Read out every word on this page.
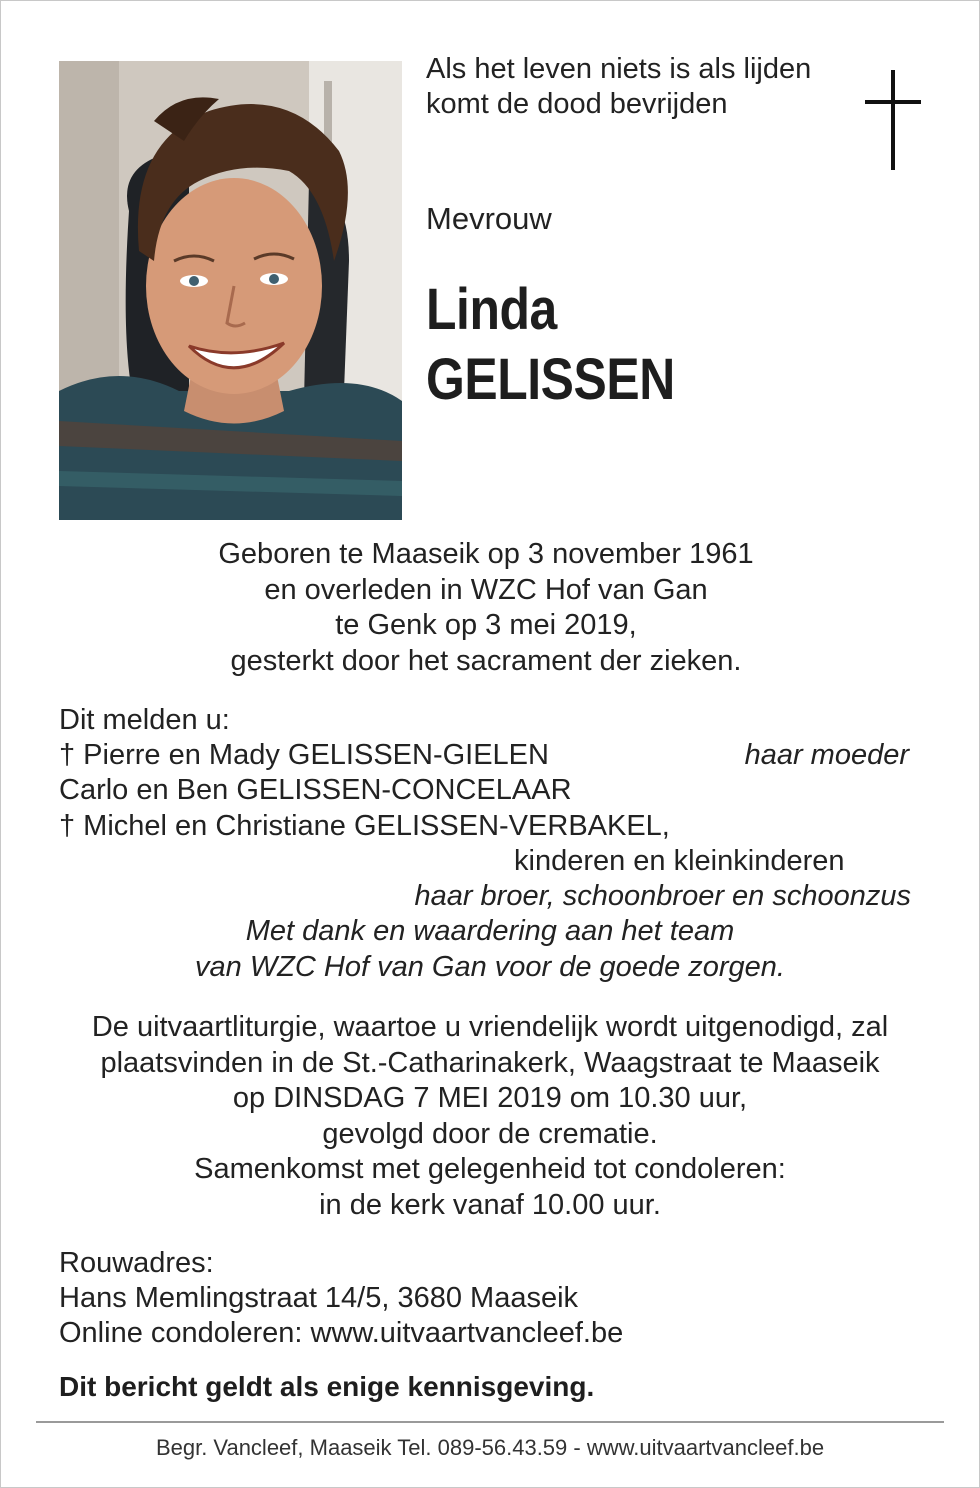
Als het leven niets is als lijden
komt de dood bevrijden
Mevrouw
Linda
GELISSEN
Geboren te Maaseik op 3 november 1961
en overleden in WZC Hof van Gan
te Genk op 3 mei 2019,
gesterkt door het sacrament der zieken.
Dit melden u:
† Pierre en Mady GELISSEN-GIELEN
Carlo en Ben GELISSEN-CONCELAAR
† Michel en Christiane GELISSEN-VERBAKEL,
haar moeder
kinderen en kleinkinderen
haar broer, schoonbroer en schoonzus
Met dank en waardering aan het team
van WZC Hof van Gan voor de goede zorgen.
De uitvaartliturgie, waartoe u vriendelijk wordt uitgenodigd, zal
plaatsvinden in de St.-Catharinakerk, Waagstraat te Maaseik
op DINSDAG 7 MEI 2019 om 10.30 uur,
gevolgd door de crematie.
Samenkomst met gelegenheid tot condoleren:
in de kerk vanaf 10.00 uur.
Rouwadres:
Hans Memlingstraat 14/5, 3680 Maaseik
Online condoleren: www.uitvaartvancleef.be
Dit bericht geldt als enige kennisgeving.
Begr. Vancleef, Maaseik Tel. 089-56.43.59 - www.uitvaartvancleef.be
